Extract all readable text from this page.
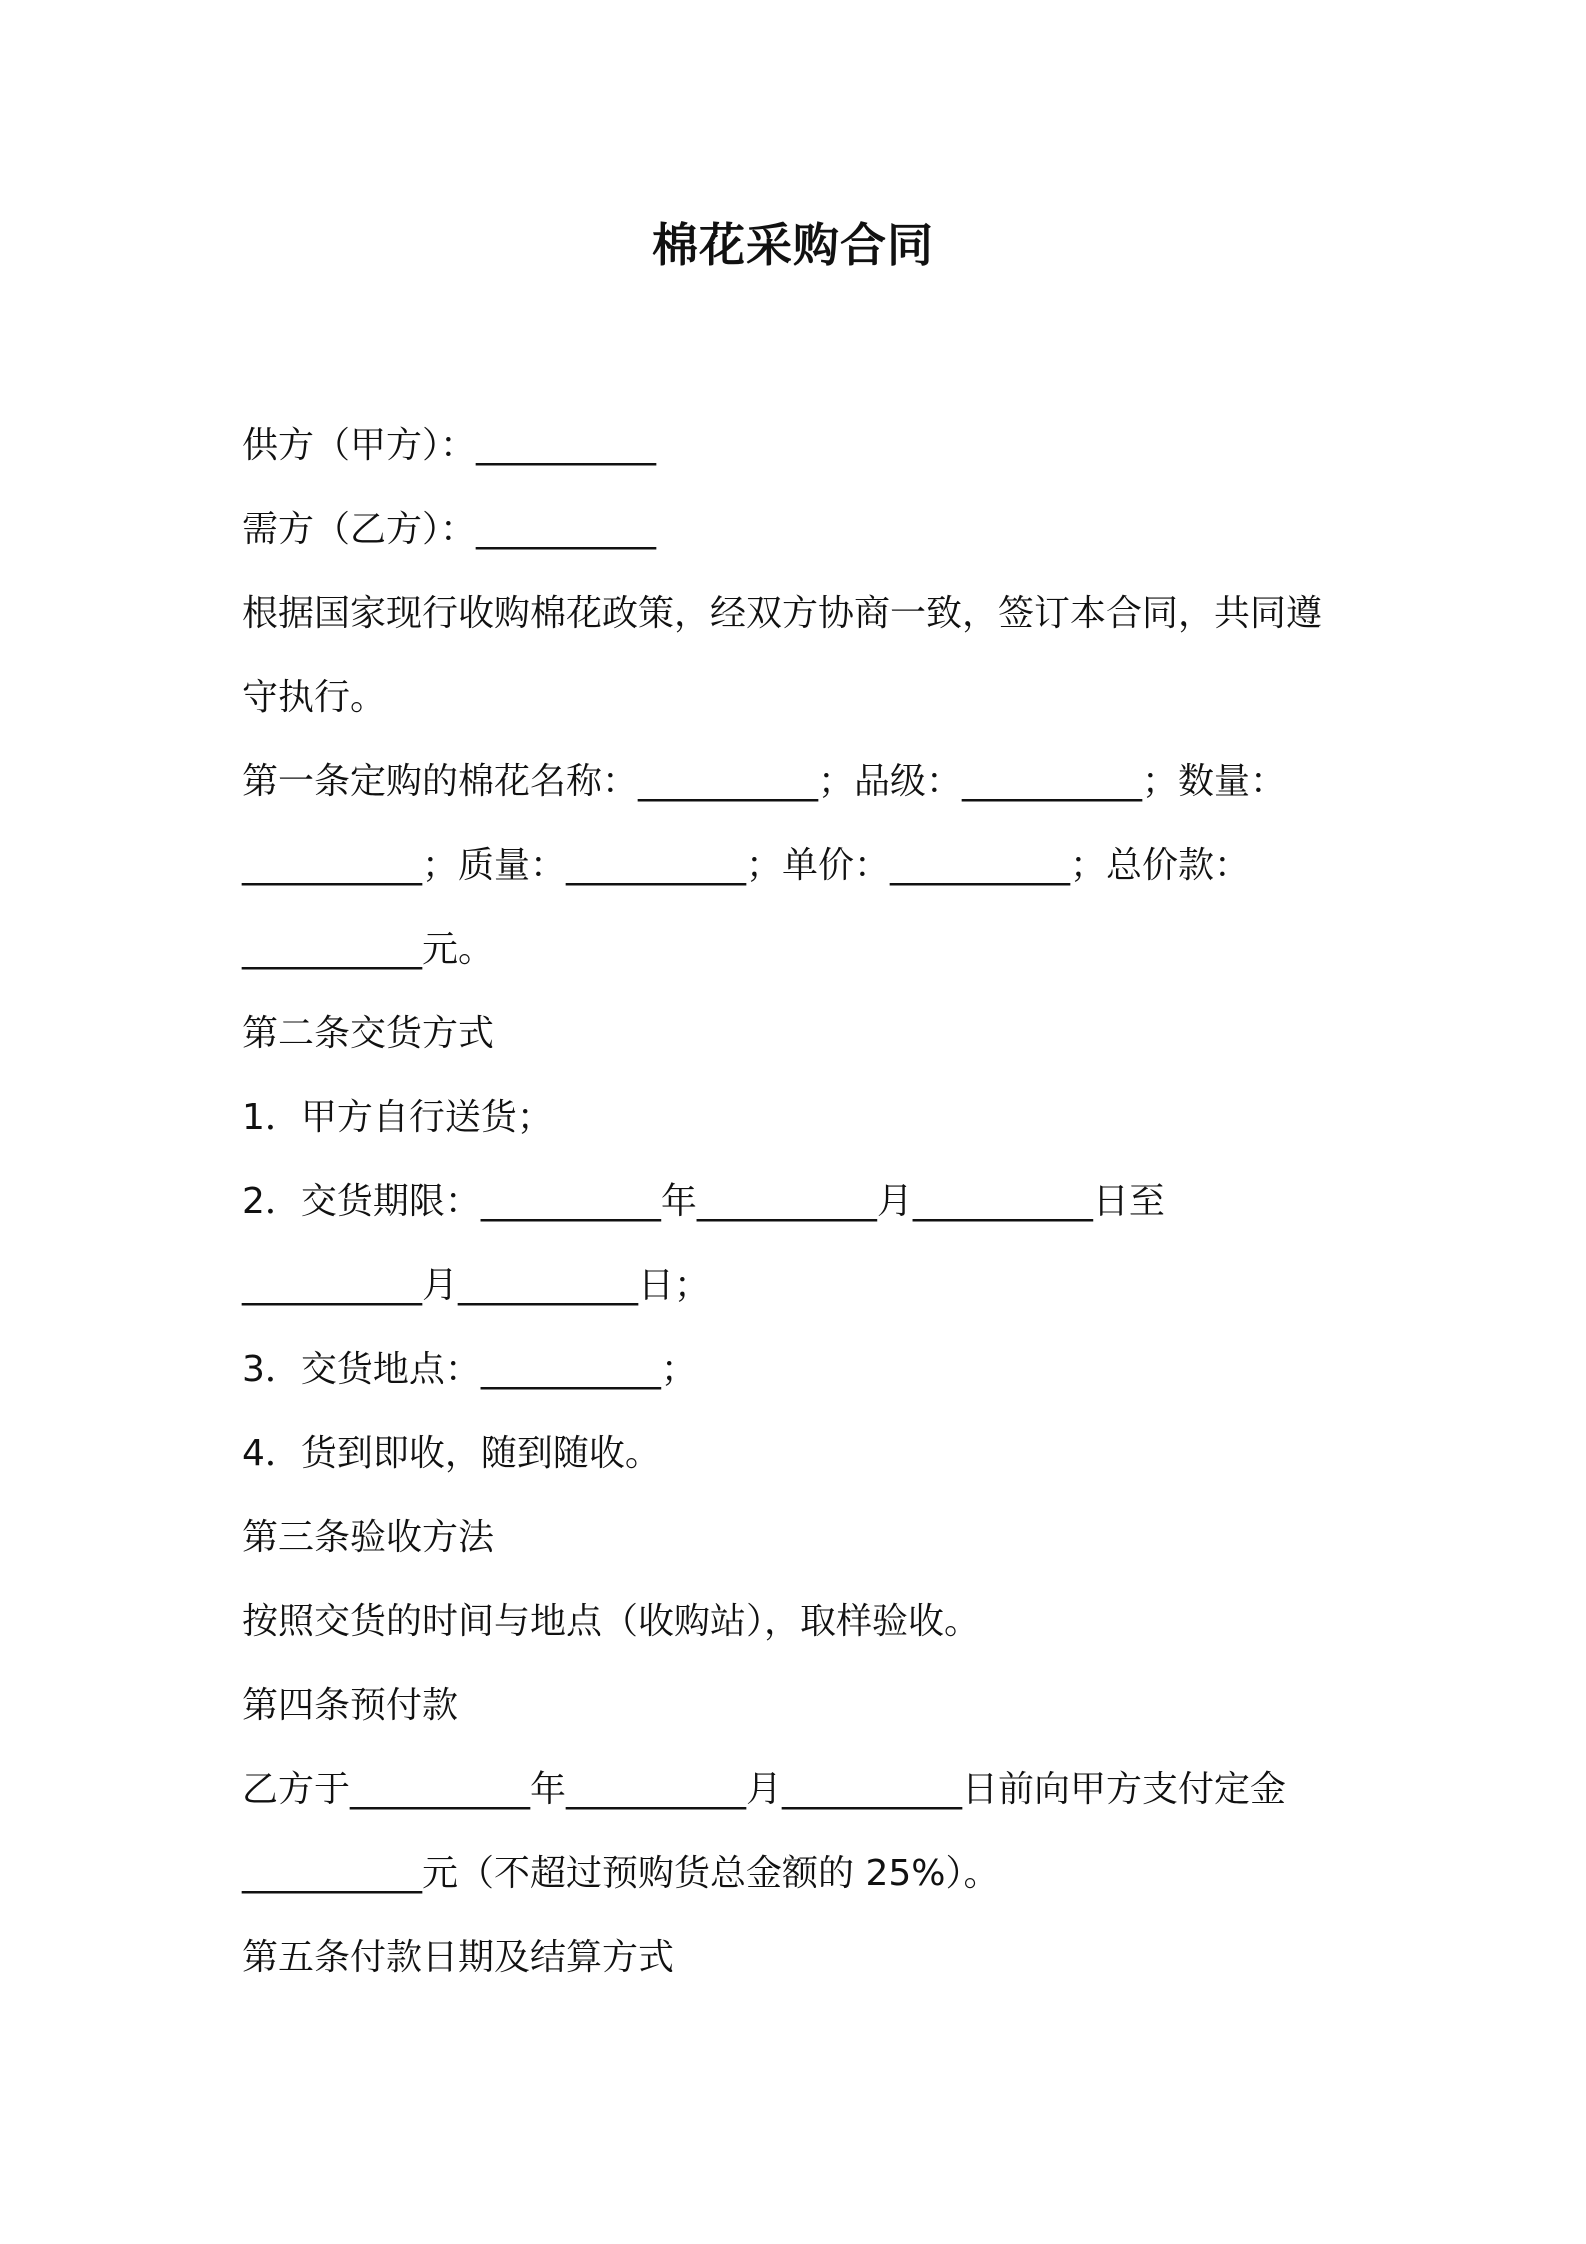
棉花采购合同
供方（甲方）：__________
需方（乙方）：__________
根据国家现行收购棉花政策，经双方协商一致，签订本合同，共同遵
守执行。
第一条定购的棉花名称：__________；品级：__________；数量：
__________；质量：__________；单价：__________；总价款：
__________元。
第二条交货方式
1．甲方自行送货；
2．交货期限：__________年__________月__________日至
__________月__________日；
3．交货地点：__________；
4．货到即收，随到随收。
第三条验收方法
按照交货的时间与地点（收购站），取样验收。
第四条预付款
乙方于__________年__________月__________日前向甲方支付定金
__________元（不超过预购货总金额的 25%）。
第五条付款日期及结算方式
